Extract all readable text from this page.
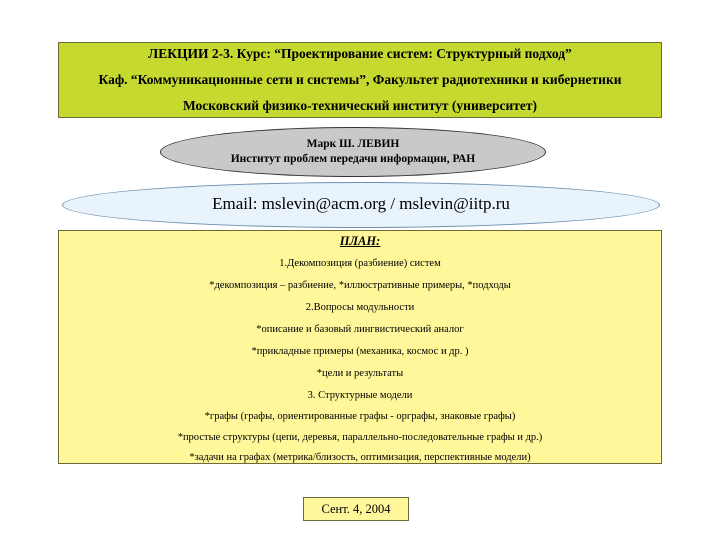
ЛЕКЦИИ 2-3. Курс: “Проектирование систем: Структурный подход”
Каф. “Коммуникационные сети и системы”, Факультет радиотехники и кибернетики
Московский физико-технический институт (университет)
Марк Ш. ЛЕВИН
Институт проблем передачи информации, РАН
Email: mslevin@acm.org / mslevin@iitp.ru
ПЛАН:
1.Декомпозиция (разбиение) систем
*декомпозиция – разбиение, *иллюстративные примеры, *подходы
2.Вопросы модульности
*описание и базовый лингвистический аналог
*прикладные примеры (механика, космос и др. )
*цели и результаты
3. Структурные модели
*графы (графы, ориентированные графы - орграфы, знаковые графы)
*простые структуры (цепи, деревья, параллельно-последовательные графы и др.)
*задачи на графах (метрика/близость, оптимизация, перспективные модели)
Сент. 4, 2004
